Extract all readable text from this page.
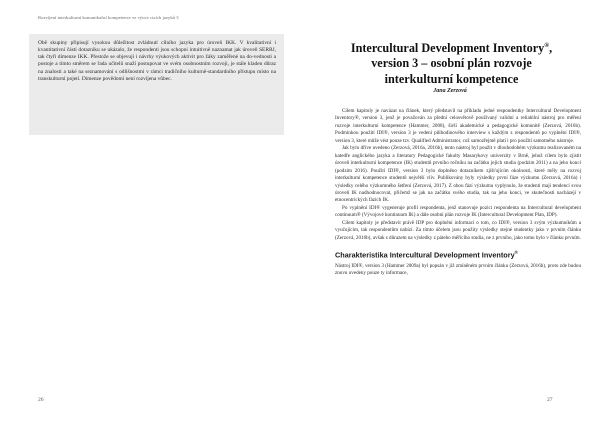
Rozvíjení interkulturní komunikační kompetence ve výuce cizích jazyků 3

Obě skupiny připisují vysokou důležitost zvládnutí cílního jazyka pro úroveň IKK. V kvalitativní i kvantitativní části dotazníku se ukázalo, že respondenti jsou schopni intuitivně naznamat jak úroveň SERRJ, tak čtyři dimenze IKK. Přestože se objevují i návrhy výukových aktivit pro žáky zaměřené na do-vednosti a postoje a tímto směrem se řada učitelů snaží postupovat ve svém osobnostním rozvoji, je stále kladen důraz na znalosti a také na seznamování s odlišnostmi v rámci tradičního kulturně-standardního přístupu místo na transkulturní pojetí. Dimenze povědomí není rozvíjena vůbec.

26
Intercultural Development Inventory®,
version 3 – osobní plán rozvoje
interkulturní kompetence
Jana Zerzová

Cílem kapitoly je navázat na článek, který představil na příkladu jedné respondentky Intercultural Development Inventory®, version 3, jenž je považován za přední celosvětově používaný validní a reliabilní nástroj pro měření rozvoje interkulturní kompetence (Hammer, 2008), širší akademické a pedagogické komunitě (Zerzová, 2016b). Podmínkou použití IDI®, version 3 je vedení půlhodinového interview s každým z respondentů po vyplnění IDI®, version 3, které může vést pouze tzv. Qualified Administrator, což samozřejmě platí i pro použití samotného nástroje.

Jak bylo dříve uvedeno (Zerzová, 2016a, 2016b), tento nástroj byl použit v dlouhodobém výzkumu realizovaném na katedře anglického jazyka a literatury Pedagogické fakulty Masarykovy univerzity v Brně, jehož cílem bylo zjistit úroveň interkulturní kompetence (IK) studentů prvního ročníku na začátku jejich studia (podzim 2011) a na jeho konci (podzim 2016). Použití IDI®, version 3 bylo doplněno dotazníkem zjišťujícím okolnosti, které měly na rozvoj interkulturní kompetence studentů největší vliv. Publikovány byly výsledky první fáze výzkumu (Zerzová, 2016a) i výsledky celého výzkumného šetření (Zerzová, 2017). Z obou fází výzkumu vyplynulo, že studenti mají tendenci svou úroveň IK nadhodnocovat, přičemž se jak na začátku svého studia, tak na jeho konci, ve skutečnosti nacházejí v etnocentrických fázích IK.

Po vyplnění IDI® vygeneruje profil respondenta, jenž stanovuje pozici respondenta na Intercultural development continuum® (Vývojové kontinuum IK) a dále osobní plán rozvoje IK (Intercultural Development Plan, IDP).

Cílem kapitoly je představit právě IDP pro doplnění informací o tom, co IDI®, version 3 svým výzkumníkům a vyučujícím, tak respondentům nabízí. Za tímto účelem jsou použity výsledky stejné studentky jako v prvním článku (Zerzová, 2016b), avšak s důrazem na výsledky z páteho měřícího studia, ne z prvního, jako tomu bylo v článku prvním.

Charakteristika Intercultural Development Inventory®

Nástroj IDI®, version 3 (Hammer 2009a) byl popsán v již zmíněném prvním článku (Zerzová, 2016b), proto zde budou znovu uvedeny pouze ty informace,

27
